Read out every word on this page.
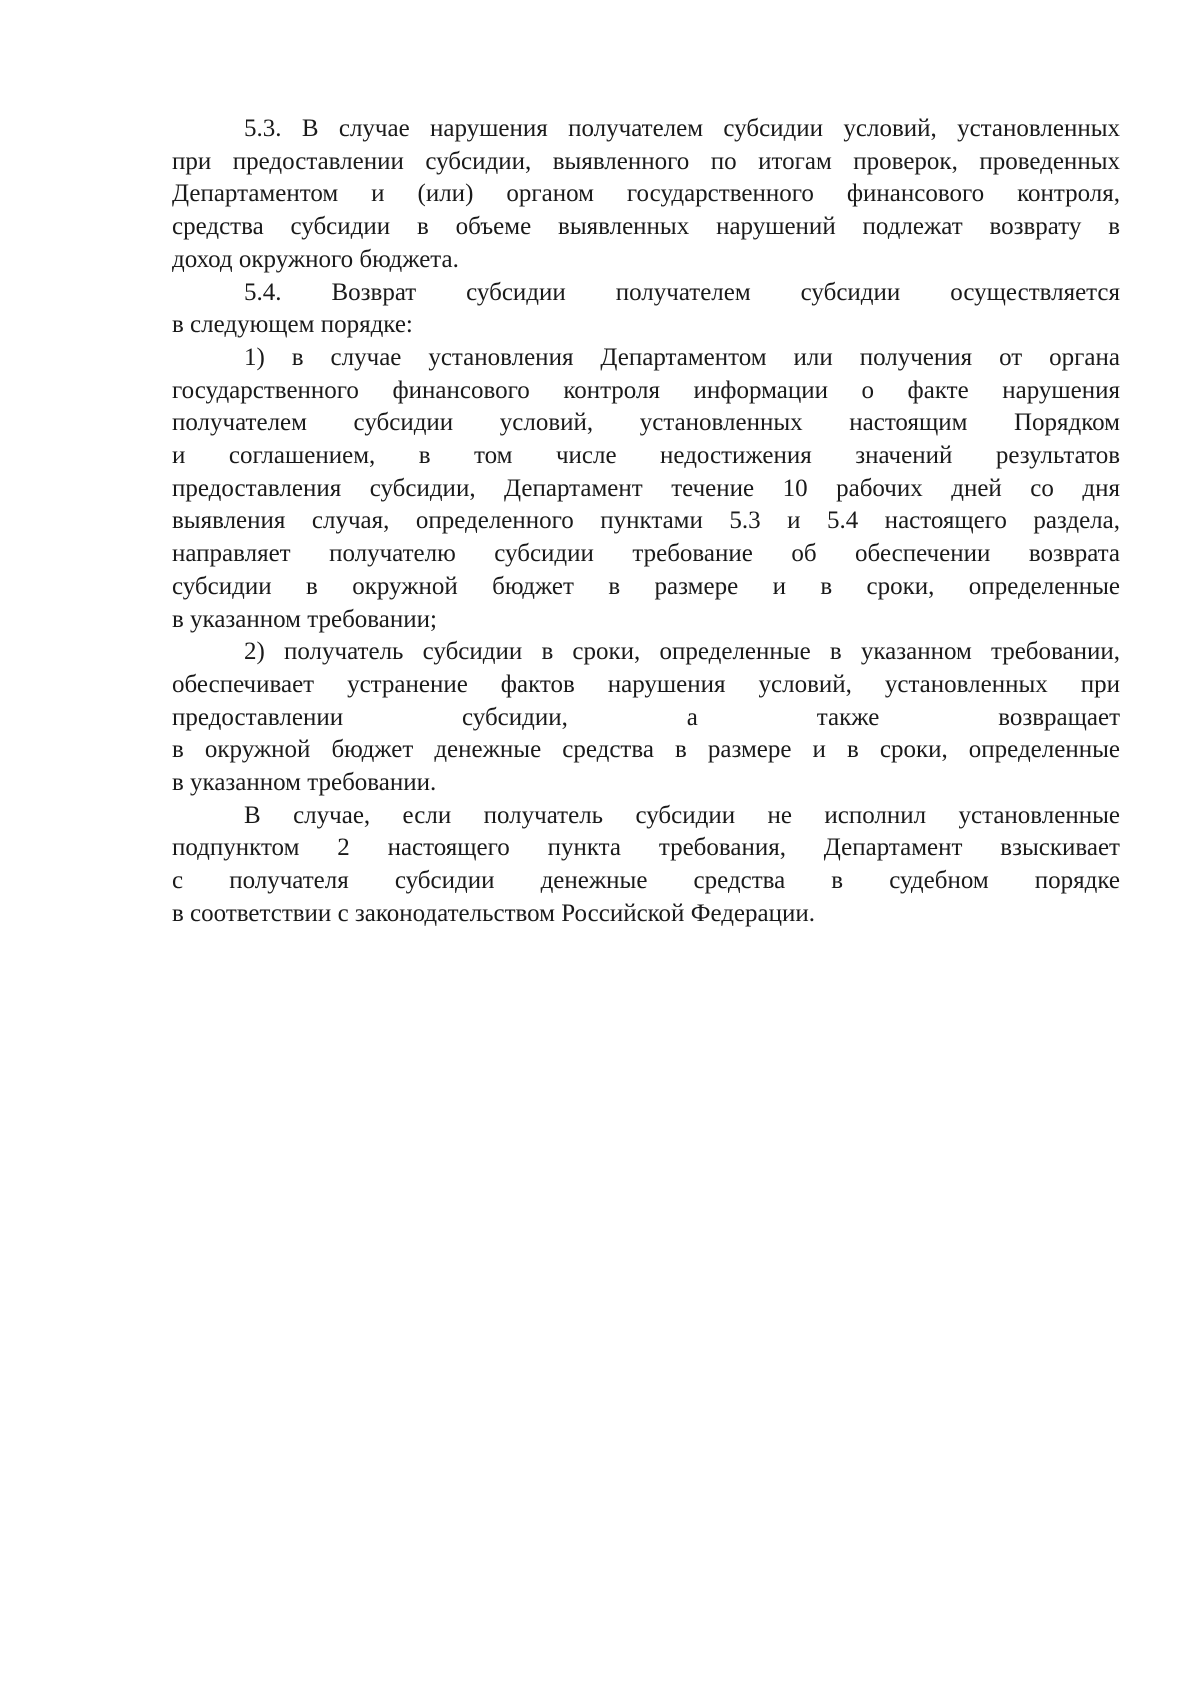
5.3. В случае нарушения получателем субсидии условий, установленных
при предоставлении субсидии, выявленного по итогам проверок, проведенных
Департаментом и (или) органом государственного финансового контроля,
средства субсидии в объеме выявленных нарушений подлежат возврату в
доход окружного бюджета.

5.4. Возврат субсидии получателем субсидии осуществляется
в следующем порядке:

1) в случае установления Департаментом или получения от органа
государственного финансового контроля информации о факте нарушения
получателем субсидии условий, установленных настоящим Порядком
и соглашением, в том числе недостижения значений результатов
предоставления субсидии, Департамент течение 10 рабочих дней со дня
выявления случая, определенного пунктами 5.3 и 5.4 настоящего раздела,
направляет получателю субсидии требование об обеспечении возврата
субсидии в окружной бюджет в размере и в сроки, определенные
в указанном требовании;

2) получатель субсидии в сроки, определенные в указанном требовании,
обеспечивает устранение фактов нарушения условий, установленных при
предоставлении субсидии, а также возвращает
в окружной бюджет денежные средства в размере и в сроки, определенные
в указанном требовании.

В случае, если получатель субсидии не исполнил установленные
подпунктом 2 настоящего пункта требования, Департамент взыскивает
с получателя субсидии денежные средства в судебном порядке
в соответствии с законодательством Российской Федерации.
